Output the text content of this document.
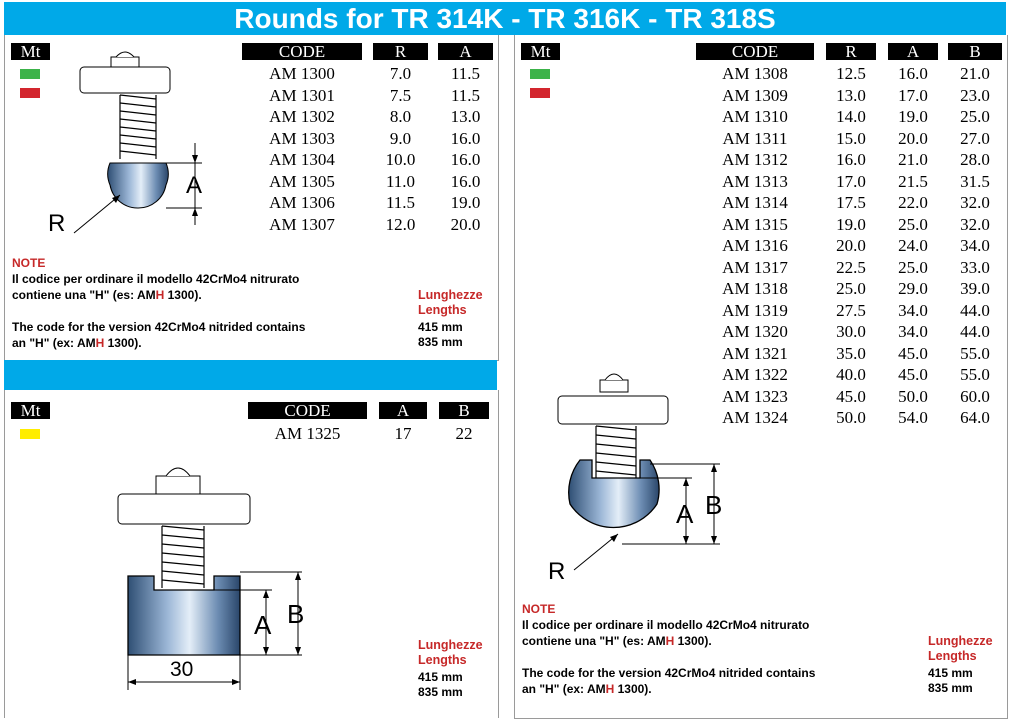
Rounds for TR 314K - TR 316K - TR 318S
Mt	CODE	R	A
AM 1300	7.0	11.5
AM 1301	7.5	11.5
AM 1302	8.0	13.0
AM 1303	9.0	16.0
AM 1304	10.0	16.0
AM 1305	11.0	16.0
AM 1306	11.5	19.0
AM 1307	12.0	20.0
A
R
NOTE
Il codice per ordinare il modello 42CrMo4 nitrurato
contiene una "H" (es: AMH 1300).
The code for the version 42CrMo4 nitrided contains
an "H" (ex: AMH 1300).
Lunghezze
Lengths
415 mm
835 mm
Mt	CODE	A	B
AM 1325	17	22
A B
30
Lunghezze
Lengths
415 mm
835 mm
Mt	CODE	R	A	B
AM 1308	12.5	16.0	21.0
AM 1309	13.0	17.0	23.0
AM 1310	14.0	19.0	25.0
AM 1311	15.0	20.0	27.0
AM 1312	16.0	21.0	28.0
AM 1313	17.0	21.5	31.5
AM 1314	17.5	22.0	32.0
AM 1315	19.0	25.0	32.0
AM 1316	20.0	24.0	34.0
AM 1317	22.5	25.0	33.0
AM 1318	25.0	29.0	39.0
AM 1319	27.5	34.0	44.0
AM 1320	30.0	34.0	44.0
AM 1321	35.0	45.0	55.0
AM 1322	40.0	45.0	55.0
AM 1323	45.0	50.0	60.0
AM 1324	50.0	54.0	64.0
A B
R
NOTE
Il codice per ordinare il modello 42CrMo4 nitrurato
contiene una "H" (es: AMH 1300).
The code for the version 42CrMo4 nitrided contains
an "H" (ex: AMH 1300).
Lunghezze
Lengths
415 mm
835 mm
